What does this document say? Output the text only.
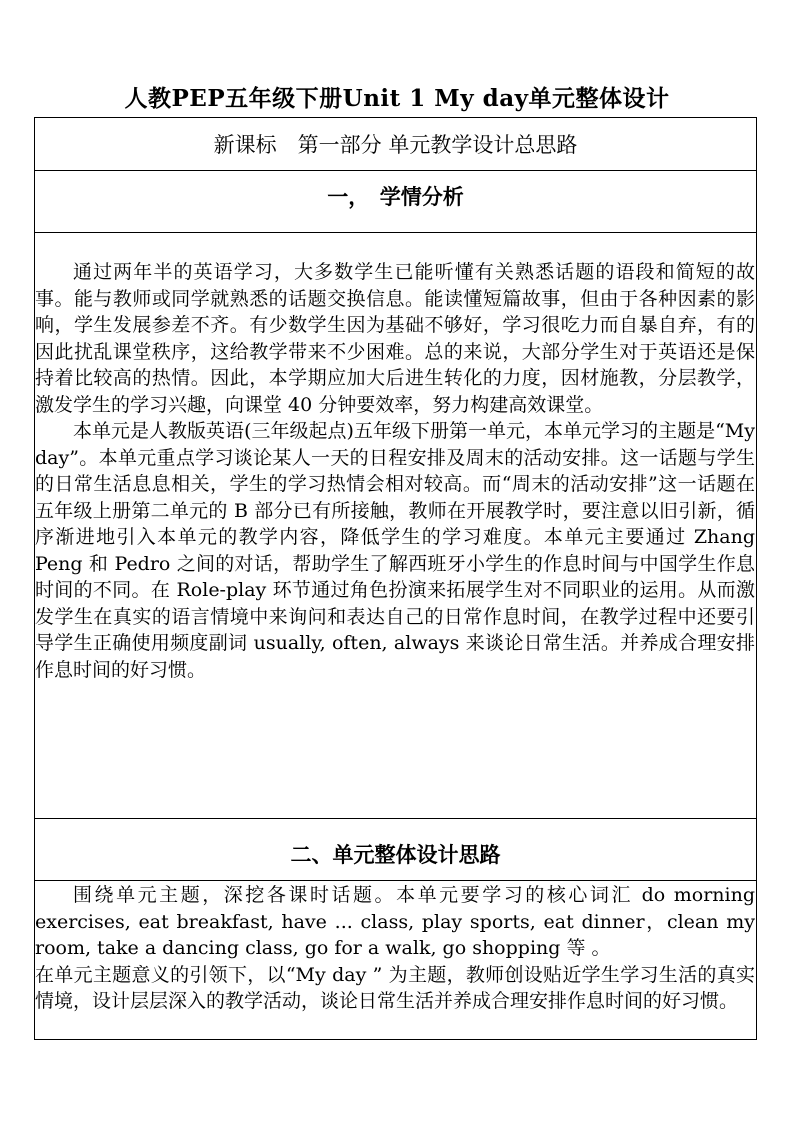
人教PEP五年级下册Unit 1 My day单元整体设计
新课标　第一部分 单元教学设计总思路
一，　学情分析

通过两年半的英语学习，大多数学生已能听懂有关熟悉话题的语段和简短的故事。能与教师或同学就熟悉的话题交换信息。能读懂短篇故事，但由于各种因素的影响，学生发展参差不齐。有少数学生因为基础不够好，学习很吃力而自暴自弃，有的因此扰乱课堂秩序，这给教学带来不少困难。总的来说，大部分学生对于英语还是保持着比较高的热情。因此，本学期应加大后进生转化的力度，因材施教，分层教学，激发学生的学习兴趣，向课堂 40 分钟要效率，努力构建高效课堂。

本单元是人教版英语(三年级起点)五年级下册第一单元，本单元学习的主题是“My day”。本单元重点学习谈论某人一天的日程安排及周末的活动安排。这一话题与学生的日常生活息息相关，学生的学习热情会相对较高。而“周末的活动安排”这一话题在五年级上册第二单元的 B 部分已有所接触，教师在开展教学时，要注意以旧引新，循序渐进地引入本单元的教学内容，降低学生的学习难度。本单元主要通过 Zhang Peng 和 Pedro 之间的对话，帮助学生了解西班牙小学生的作息时间与中国学生作息时间的不同。在 Role-play 环节通过角色扮演来拓展学生对不同职业的运用。从而激发学生在真实的语言情境中来询问和表达自己的日常作息时间，在教学过程中还要引导学生正确使用频度副词 usually, often, always 来谈论日常生活。并养成合理安排作息时间的好习惯。

二、单元整体设计思路

围绕单元主题，深挖各课时话题。本单元要学习的核心词汇 do morning exercises, eat breakfast, have ... class, play sports, eat dinner，clean my room, take a dancing class, go for a walk, go shopping 等 。

在单元主题意义的引领下，以“My day ” 为主题，教师创设贴近学生学习生活的真实情境，设计层层深入的教学活动，谈论日常生活并养成合理安排作息时间的好习惯。
